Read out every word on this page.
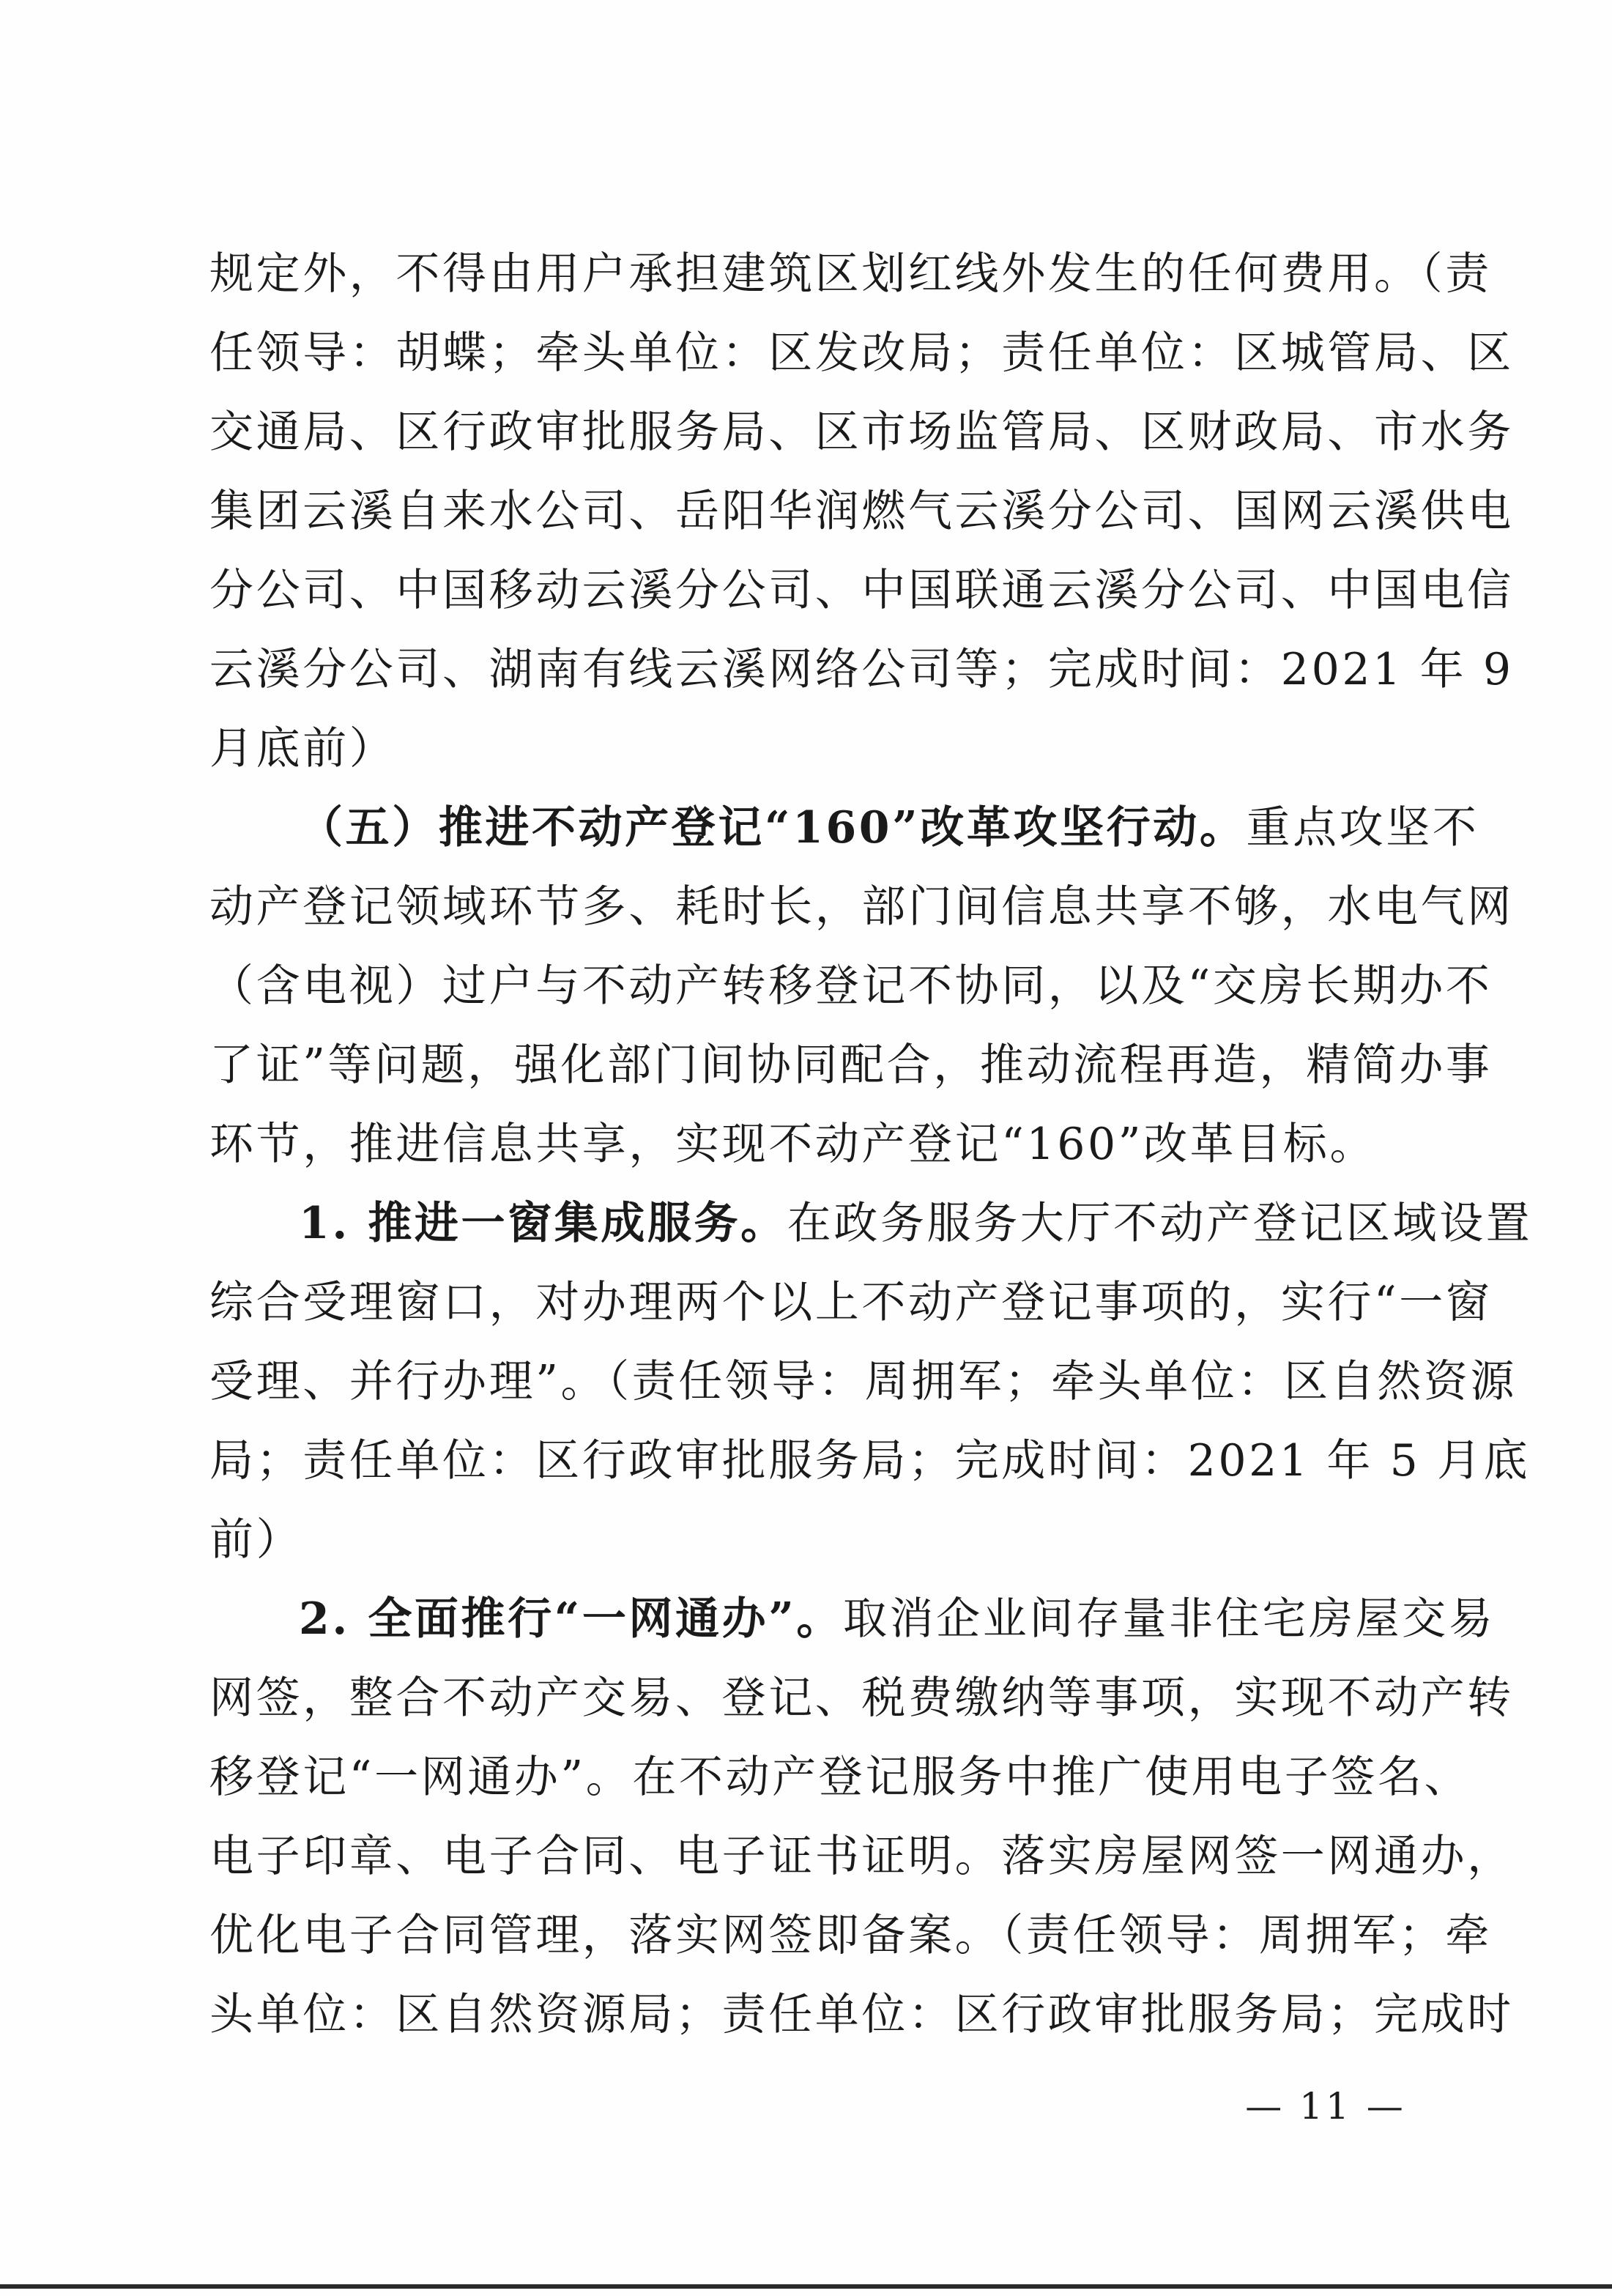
规定外，不得由用户承担建筑区划红线外发生的任何费用。（责
任领导：胡蝶；牵头单位：区发改局；责任单位：区城管局、区
交通局、区行政审批服务局、区市场监管局、区财政局、市水务
集团云溪自来水公司、岳阳华润燃气云溪分公司、国网云溪供电
分公司、中国移动云溪分公司、中国联通云溪分公司、中国电信
云溪分公司、湖南有线云溪网络公司等；完成时间：2021 年 9
月底前）
（五）推进不动产登记“160”改革攻坚行动。重点攻坚不
动产登记领域环节多、耗时长，部门间信息共享不够，水电气网
（含电视）过户与不动产转移登记不协同，以及“交房长期办不
了证”等问题，强化部门间协同配合，推动流程再造，精简办事
环节，推进信息共享，实现不动产登记“160”改革目标。
1. 推进一窗集成服务。在政务服务大厅不动产登记区域设置
综合受理窗口，对办理两个以上不动产登记事项的，实行“一窗
受理、并行办理”。（责任领导：周拥军；牵头单位：区自然资源
局；责任单位：区行政审批服务局；完成时间：2021 年 5 月底
前）
2. 全面推行“一网通办”。取消企业间存量非住宅房屋交易
网签，整合不动产交易、登记、税费缴纳等事项，实现不动产转
移登记“一网通办”。在不动产登记服务中推广使用电子签名、
电子印章、电子合同、电子证书证明。落实房屋网签一网通办，
优化电子合同管理，落实网签即备案。（责任领导：周拥军；牵
头单位：区自然资源局；责任单位：区行政审批服务局；完成时
— 11 —
